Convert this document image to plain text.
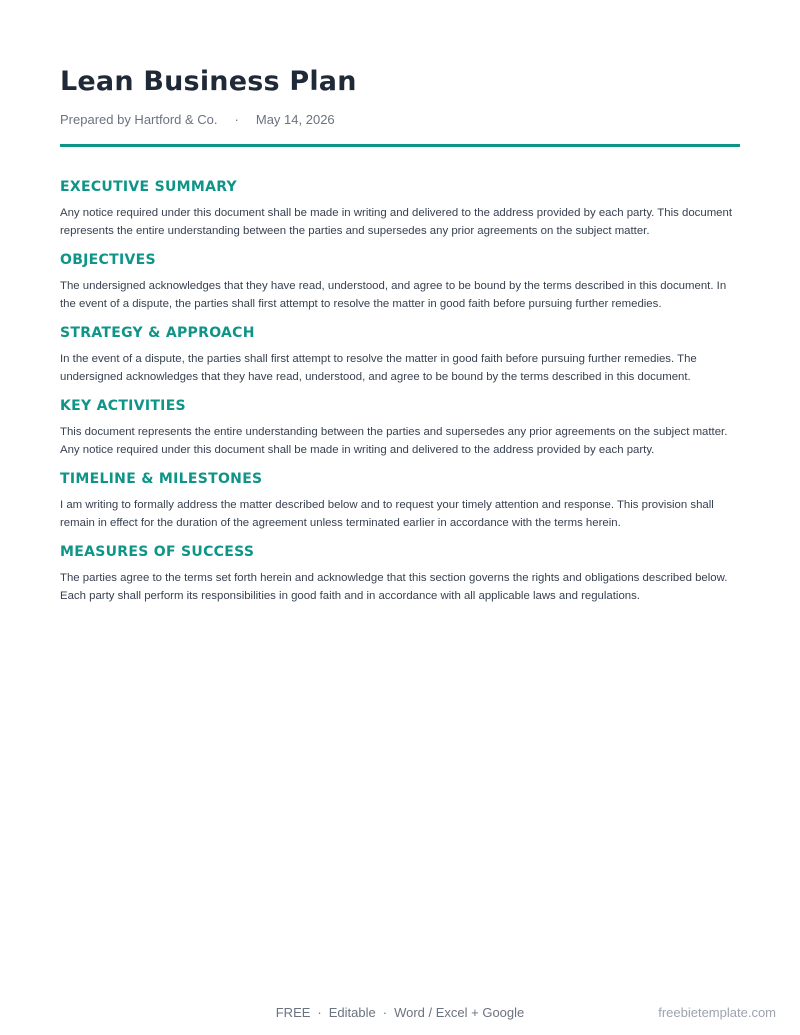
Lean Business Plan
Prepared by Hartford & Co. · May 14, 2026
EXECUTIVE SUMMARY

Any notice required under this document shall be made in writing and delivered to the address provided by each party. This document represents the entire understanding between the parties and supersedes any prior agreements on the subject matter.

OBJECTIVES

The undersigned acknowledges that they have read, understood, and agree to be bound by the terms described in this document. In the event of a dispute, the parties shall first attempt to resolve the matter in good faith before pursuing further remedies.

STRATEGY & APPROACH

In the event of a dispute, the parties shall first attempt to resolve the matter in good faith before pursuing further remedies. The undersigned acknowledges that they have read, understood, and agree to be bound by the terms described in this document.

KEY ACTIVITIES

This document represents the entire understanding between the parties and supersedes any prior agreements on the subject matter. Any notice required under this document shall be made in writing and delivered to the address provided by each party.

TIMELINE & MILESTONES

I am writing to formally address the matter described below and to request your timely attention and response. This provision shall remain in effect for the duration of the agreement unless terminated earlier in accordance with the terms herein.

MEASURES OF SUCCESS

The parties agree to the terms set forth herein and acknowledge that this section governs the rights and obligations described below. Each party shall perform its responsibilities in good faith and in accordance with all applicable laws and regulations.

FREE · Editable · Word / Excel + Google	freebietemplate.com
